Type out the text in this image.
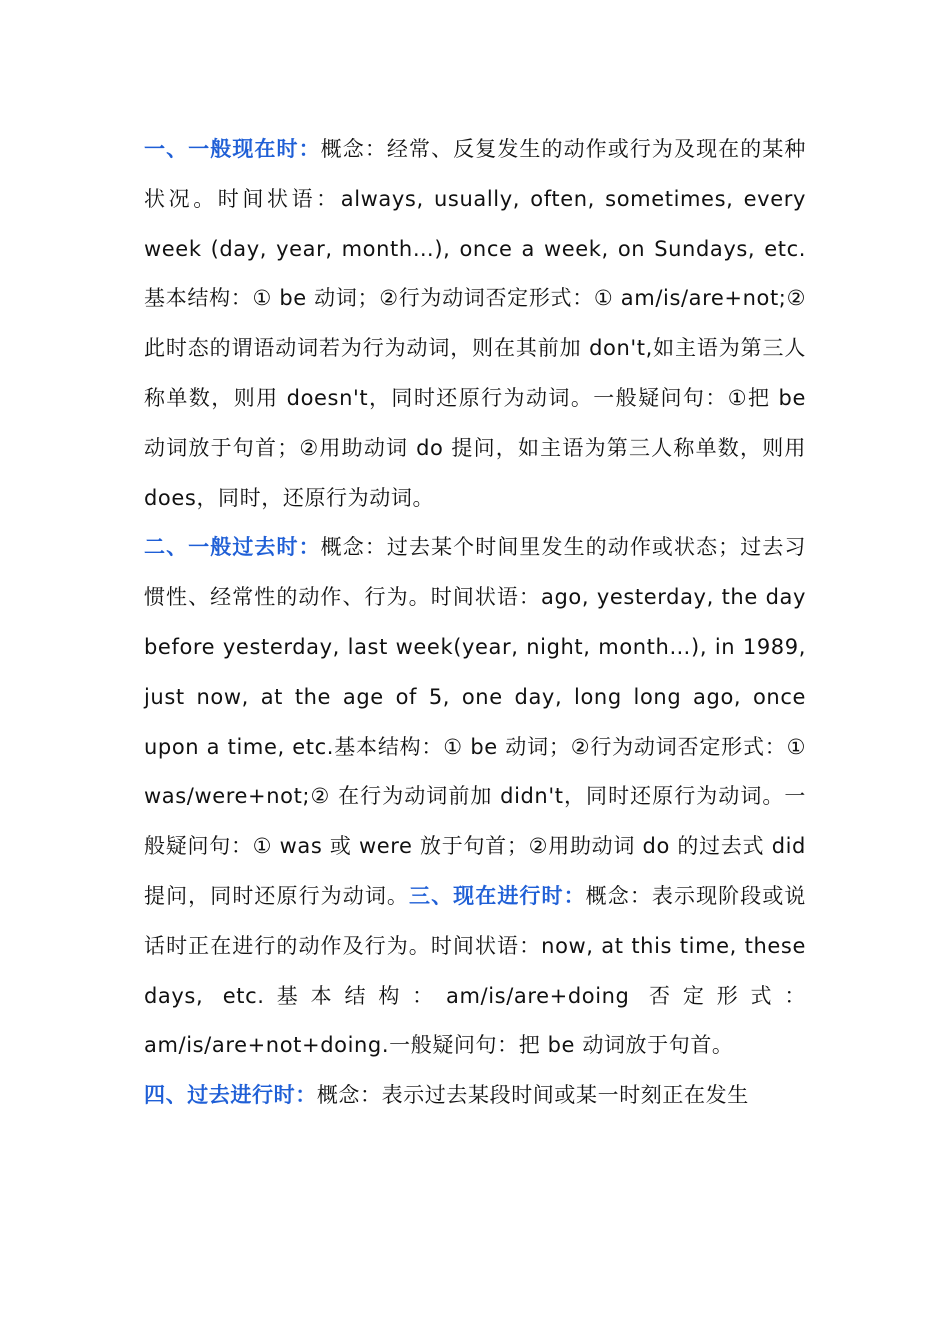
一、一般现在时：概念：经常、反复发生的动作或行为及现在的某种状况。时间状语：always, usually, often, sometimes, every week (day, year, month…), once a week, on Sundays, etc.基本结构：① be 动词；②行为动词否定形式：① am/is/are+not;② 此时态的谓语动词若为行为动词，则在其前加 don't,如主语为第三人称单数，则用 doesn't，同时还原行为动词。一般疑问句：①把 be 动词放于句首；②用助动词 do 提问，如主语为第三人称单数，则用 does，同时，还原行为动词。

二、一般过去时：概念：过去某个时间里发生的动作或状态；过去习惯性、经常性的动作、行为。时间状语：ago, yesterday, the day before yesterday, last week(year, night, month…), in 1989, just now, at the age of 5, one day, long long ago, once upon a time, etc.基本结构：① be 动词；②行为动词否定形式：① was/were+not;② 在行为动词前加 didn't，同时还原行为动词。一般疑问句：① was 或 were 放于句首；②用助动词 do 的过去式 did 提问，同时还原行为动词。三、现在进行时：概念：表示现阶段或说话时正在进行的动作及行为。时间状语：now, at this time, these days, etc.基本结构：am/is/are+doing 否定形式：am/is/are+not+doing.一般疑问句：把 be 动词放于句首。

四、过去进行时：概念：表示过去某段时间或某一时刻正在发生
